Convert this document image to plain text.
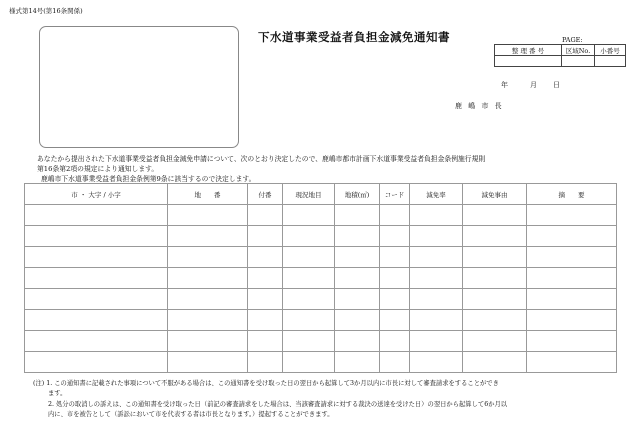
様式第14号(第16条関係)
下水道事業受益者負担金減免通知書	PAGE:
整 理 番 号	区域No.	小番号

年	月 日
鹿 嶋 市 長
あなたから提出された下水道事業受益者負担金減免申請について、次のとおり決定したので、鹿嶋市都市計画下水道事業受益者負担金条例施行規則
第16条第2項の規定により通知します。
鹿嶋市下水道事業受益者負担金条例第9条に該当するので決定します。
市 ・ 大字 / 小字	地　　番	付番	現況地目	地積(㎡)	コード	減免率	減免事由	摘　　要

(注) 1. この通知書に記載された事項について不服がある場合は、この通知書を受け取った日の翌日から起算して3か月以内に市長に対して審査請求をすることができ
ます。
2. 処分の取消しの訴えは、この通知書を受け取った日（前記の審査請求をした場合は、当該審査請求に対する裁決の送達を受けた日）の翌日から起算して6か月以
内に、市を被告として（訴訟において市を代表する者は市長となります。）提起することができます。
